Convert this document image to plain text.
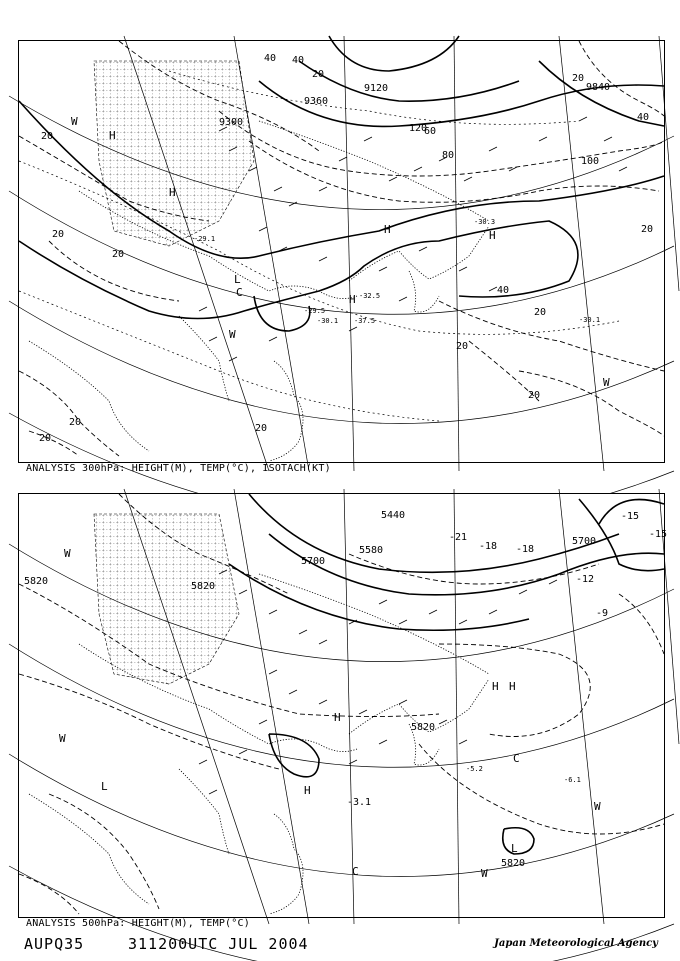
9120
9360
9300
9840
20
20
20
40
20
40
20
40
80
100
60
120
40
20
20
20
20
20
20
20
-29.5
-30.1 -37.5
-30.3
-32.5
-30.1
-29.1
H
H
H
H
H
L
C
W
W
W
ANALYSIS 300hPa: HEIGHT(M), TEMP(°C), ISOTACH(KT)
5440
5580
5700
5820	5820
5700
5820
5820
-21
-18
-15
-12
-9
-18
-15
-3.1
-5.2
-6.1
H H
H
H
L
L
C
C
W
W
W
W
ANALYSIS 500hPa: HEIGHT(M), TEMP(°C)
AUPQ35	311200UTC JUL 2004	Japan Meteorological Agency
